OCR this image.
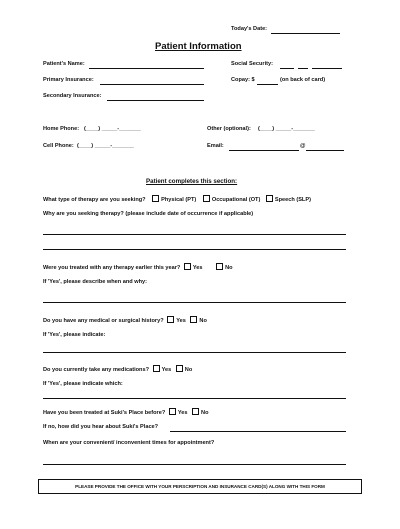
Today's Date:
Patient Information
Patient's Name:	Social Security:
Primary Insurance:	Copay: $	(on back of card)
Secondary Insurance:
Home Phone: (____) _____-_______	Other (optional): (____) _____-_______
Cell Phone: (____) _____-_______	Email:	@
Patient completes this section:
What type of therapy are you seeking?	Physical (PT)	Occupational (OT)	Speech (SLP)
Why are you seeking therapy? (please include date of occurrence if applicable)
Were you treated with any therapy earlier this year? Yes	No
If 'Yes', please describe when and why:
Do you have any medical or surgical history? Yes No
If 'Yes', please indicate:
Do you currently take any medications? Yes No
If 'Yes', please indicate which:
Have you been treated at Suki's Place before? Yes No
If no, how did you hear about Suki's Place?
When are your convenient/ inconvenient times for appointment?
PLEASE PROVIDE THE OFFICE WITH YOUR PERSCRIPTION AND INSURANCE CARD(S) ALONG WITH THIS FORM
